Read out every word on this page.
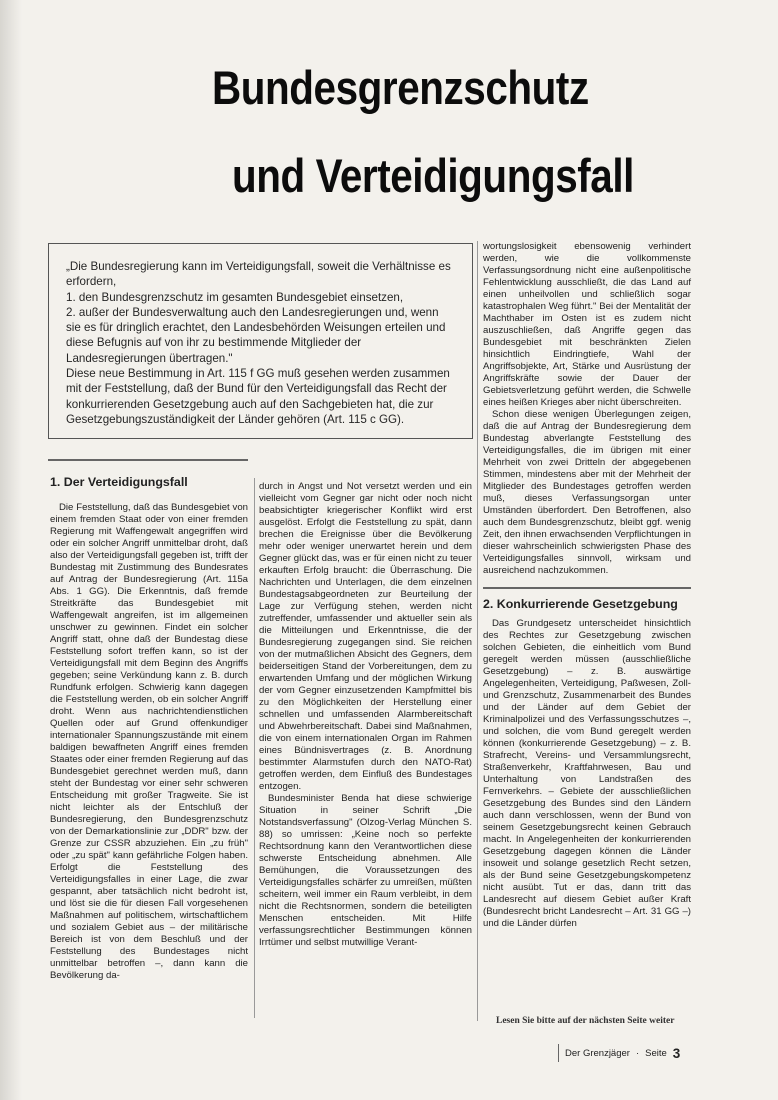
Bundesgrenzschutz
und Verteidigungsfall

„Die Bundesregierung kann im Verteidigungsfall, soweit die Verhältnisse es erfordern,

1. den Bundesgrenzschutz im gesamten Bundesgebiet einsetzen,

2. außer der Bundesverwaltung auch den Landesregierungen und, wenn sie es für dringlich erachtet, den Landesbehörden Weisungen erteilen und diese Befugnis auf von ihr zu bestimmende Mitglieder der Landesregierungen übertragen."

Diese neue Bestimmung in Art. 115 f GG muß gesehen werden zusammen mit der Feststellung, daß der Bund für den Verteidigungsfall das Recht der konkurrierenden Gesetzgebung auch auf den Sachgebieten hat, die zur Gesetzgebungszuständigkeit der Länder gehören (Art. 115 c GG).

1. Der Verteidigungsfall

Die Feststellung, daß das Bundesgebiet von einem fremden Staat oder von einer fremden Regierung mit Waffengewalt angegriffen wird oder ein solcher Angriff unmittelbar droht, daß also der Verteidigungsfall gegeben ist, trifft der Bundestag mit Zustimmung des Bundesrates auf Antrag der Bundesregierung (Art. 115a Abs. 1 GG). Die Erkenntnis, daß fremde Streitkräfte das Bundesgebiet mit Waffengewalt angreifen, ist im allgemeinen unschwer zu gewinnen. Findet ein solcher Angriff statt, ohne daß der Bundestag diese Feststellung sofort treffen kann, so ist der Verteidigungsfall mit dem Beginn des Angriffs gegeben; seine Verkündung kann z. B. durch Rundfunk erfolgen. Schwierig kann dagegen die Feststellung werden, ob ein solcher Angriff droht. Wenn aus nachrichtendienstlichen Quellen oder auf Grund offenkundiger internationaler Spannungszustände mit einem baldigen bewaffneten Angriff eines fremden Staates oder einer fremden Regierung auf das Bundesgebiet gerechnet werden muß, dann steht der Bundestag vor einer sehr schweren Entscheidung mit großer Tragweite. Sie ist nicht leichter als der Entschluß der Bundesregierung, den Bundesgrenzschutz von der Demarkationslinie zur „DDR" bzw. der Grenze zur CSSR abzuziehen. Ein „zu früh" oder „zu spät" kann gefährliche Folgen haben. Erfolgt die Feststellung des Verteidigungsfalles in einer Lage, die zwar gespannt, aber tatsächlich nicht bedroht ist, und löst sie die für diesen Fall vorgesehenen Maßnahmen auf politischem, wirtschaftlichem und sozialem Gebiet aus – der militärische Bereich ist von dem Beschluß und der Feststellung des Bundestages nicht unmittelbar betroffen –, dann kann die Bevölkerung da-

durch in Angst und Not versetzt werden und ein vielleicht vom Gegner gar nicht oder noch nicht beabsichtigter kriegerischer Konflikt wird erst ausgelöst. Erfolgt die Feststellung zu spät, dann brechen die Ereignisse über die Bevölkerung mehr oder weniger unerwartet herein und dem Gegner glückt das, was er für einen nicht zu teuer erkauften Erfolg braucht: die Überraschung. Die Nachrichten und Unterlagen, die dem einzelnen Bundestagsabgeordneten zur Beurteilung der Lage zur Verfügung stehen, werden nicht zutreffender, umfassender und aktueller sein als die Mitteilungen und Erkenntnisse, die der Bundesregierung zugegangen sind. Sie reichen von der mutmaßlichen Absicht des Gegners, dem beiderseitigen Stand der Vorbereitungen, dem zu erwartenden Umfang und der möglichen Wirkung der vom Gegner einzusetzenden Kampfmittel bis zu den Möglichkeiten der Herstellung einer schnellen und umfassenden Alarmbereitschaft und Abwehrbereitschaft. Dabei sind Maßnahmen, die von einem internationalen Organ im Rahmen eines Bündnisvertrages (z. B. Anordnung bestimmter Alarmstufen durch den NATO-Rat) getroffen werden, dem Einfluß des Bundestages entzogen.

Bundesminister Benda hat diese schwierige Situation in seiner Schrift „Die Notstandsverfassung" (Olzog-Verlag München S. 88) so umrissen: „Keine noch so perfekte Rechtsordnung kann den Verantwortlichen diese schwerste Entscheidung abnehmen. Alle Bemühungen, die Voraussetzungen des Verteidigungsfalles schärfer zu umreißen, müßten scheitern, weil immer ein Raum verbleibt, in dem nicht die Rechtsnormen, sondern die beteiligten Menschen entscheiden. Mit Hilfe verfassungsrechtlicher Bestimmungen können Irrtümer und selbst mutwillige Verant-

wortungslosigkeit ebensowenig verhindert werden, wie die vollkommenste Verfassungsordnung nicht eine außenpolitische Fehlentwicklung ausschließt, die das Land auf einen unheilvollen und schließlich sogar katastrophalen Weg führt." Bei der Mentalität der Machthaber im Osten ist es zudem nicht auszuschließen, daß Angriffe gegen das Bundesgebiet mit beschränkten Zielen hinsichtlich Eindringtiefe, Wahl der Angriffsobjekte, Art, Stärke und Ausrüstung der Angriffskräfte sowie der Dauer der Gebietsverletzung geführt werden, die Schwelle eines heißen Krieges aber nicht überschreiten.

Schon diese wenigen Überlegungen zeigen, daß die auf Antrag der Bundesregierung dem Bundestag abverlangte Feststellung des Verteidigungsfalles, die im übrigen mit einer Mehrheit von zwei Dritteln der abgegebenen Stimmen, mindestens aber mit der Mehrheit der Mitglieder des Bundestages getroffen werden muß, dieses Verfassungsorgan unter Umständen überfordert. Den Betroffenen, also auch dem Bundesgrenzschutz, bleibt ggf. wenig Zeit, den ihnen erwachsenden Verpflichtungen in dieser wahrscheinlich schwierigsten Phase des Verteidigungsfalles sinnvoll, wirksam und ausreichend nachzukommen.

2. Konkurrierende Gesetzgebung

Das Grundgesetz unterscheidet hinsichtlich des Rechtes zur Gesetzgebung zwischen solchen Gebieten, die einheitlich vom Bund geregelt werden müssen (ausschließliche Gesetzgebung) – z. B. auswärtige Angelegenheiten, Verteidigung, Paßwesen, Zoll- und Grenzschutz, Zusammenarbeit des Bundes und der Länder auf dem Gebiet der Kriminalpolizei und des Verfassungsschutzes –, und solchen, die vom Bund geregelt werden können (konkurrierende Gesetzgebung) – z. B. Strafrecht, Vereins- und Versammlungsrecht, Straßenverkehr, Kraftfahrwesen, Bau und Unterhaltung von Landstraßen des Fernverkehrs. – Gebiete der ausschließlichen Gesetzgebung des Bundes sind den Ländern auch dann verschlossen, wenn der Bund von seinem Gesetzgebungsrecht keinen Gebrauch macht. In Angelegenheiten der konkurrierenden Gesetzgebung dagegen können die Länder insoweit und solange gesetzlich Recht setzen, als der Bund seine Gesetzgebungskompetenz nicht ausübt. Tut er das, dann tritt das Landesrecht auf diesem Gebiet außer Kraft (Bundesrecht bricht Landesrecht – Art. 31 GG –) und die Länder dürfen

Lesen Sie bitte auf der nächsten Seite weiter
Der Grenzjäger · Seite 3
